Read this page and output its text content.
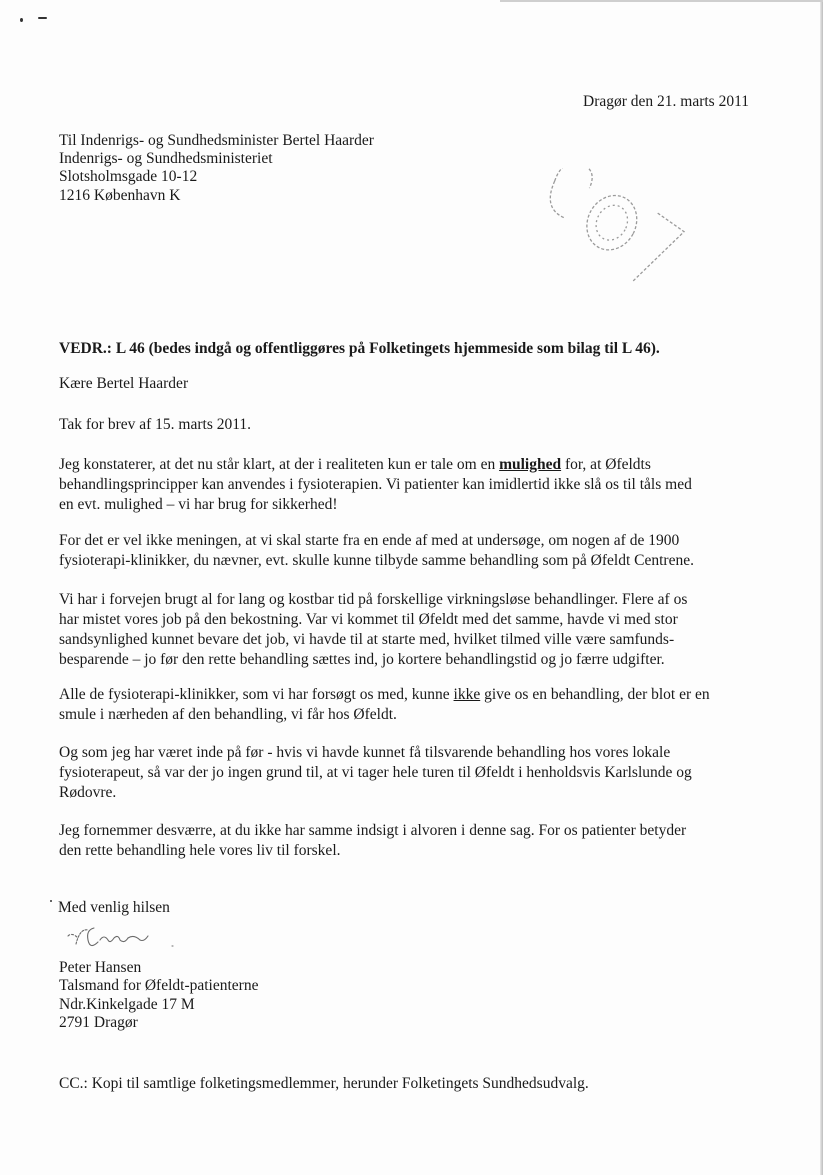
Dragør den 21. marts 2011

Til Indenrigs- og Sundhedsminister Bertel Haarder

Indenrigs- og Sundhedsministeriet

Slotsholmsgade 10-12

1216 København K

CO7

VEDR.: L 46 (bedes indgå og offentliggøres på Folketingets hjemmeside som bilag til L 46).

Kære Bertel Haarder

Tak for brev af 15. marts 2011.

Jeg konstaterer, at det nu står klart, at der i realiteten kun er tale om en mulighed for, at Øfeldts
behandlingsprincipper kan anvendes i fysioterapien. Vi patienter kan imidlertid ikke slå os til tåls med
en evt. mulighed – vi har brug for sikkerhed!
For det er vel ikke meningen, at vi skal starte fra en ende af med at undersøge, om nogen af de 1900
fysioterapi-klinikker, du nævner, evt. skulle kunne tilbyde samme behandling som på Øfeldt Centrene.
Vi har i forvejen brugt al for lang og kostbar tid på forskellige virkningsløse behandlinger. Flere af os
har mistet vores job på den bekostning. Var vi kommet til Øfeldt med det samme, havde vi med stor
sandsynlighed kunnet bevare det job, vi havde til at starte med, hvilket tilmed ville være samfunds-
besparende – jo før den rette behandling sættes ind, jo kortere behandlingstid og jo færre udgifter.
Alle de fysioterapi-klinikker, som vi har forsøgt os med, kunne ikke give os en behandling, der blot er en
smule i nærheden af den behandling, vi får hos Øfeldt.
Og som jeg har været inde på før - hvis vi havde kunnet få tilsvarende behandling hos vores lokale
fysioterapeut, så var der jo ingen grund til, at vi tager hele turen til Øfeldt i henholdsvis Karlslunde og
Rødovre.
Jeg fornemmer desværre, at du ikke har samme indsigt i alvoren i denne sag. For os patienter betyder
den rette behandling hele vores liv til forskel.

Med venlig hilsen

Peter Hansen

Peter Hansen

Talsmand for Øfeldt-patienterne

Ndr.Kinkelgade 17 M

2791 Dragør

CC.: Kopi til samtlige folketingsmedlemmer, herunder Folketingets Sundhedsudvalg.
